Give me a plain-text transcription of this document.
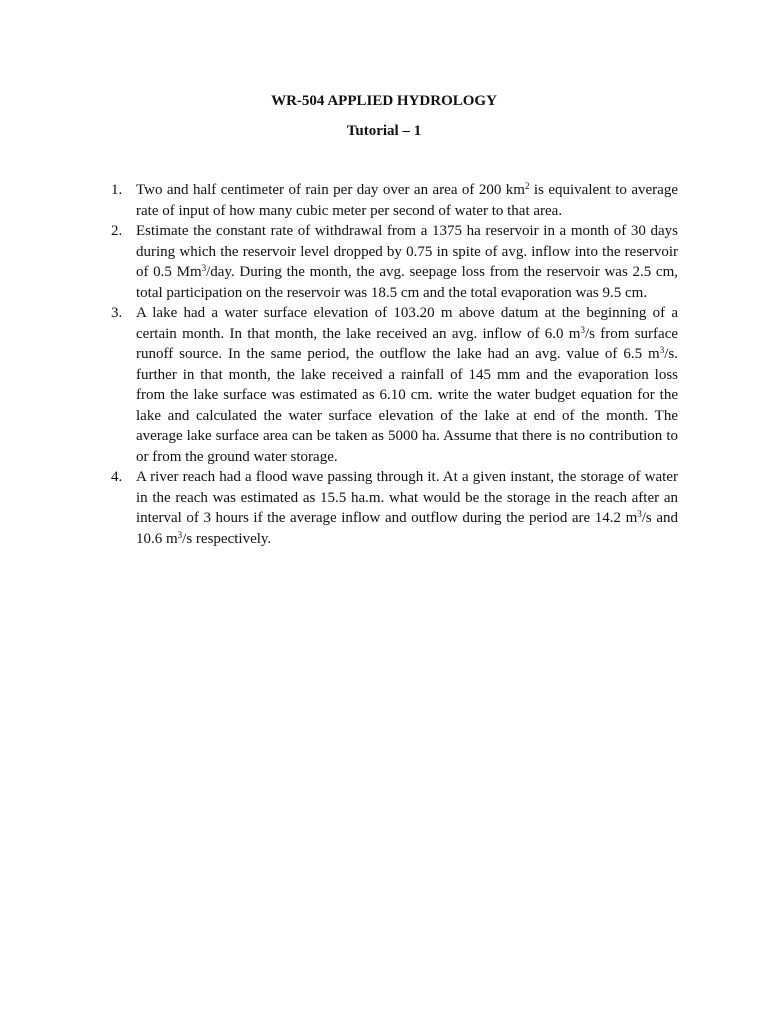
WR-504 APPLIED HYDROLOGY
Tutorial – 1
1. Two and half centimeter of rain per day over an area of 200 $km^2$ is equivalent to average rate of input of how many cubic meter per second of water to that area.
2. Estimate the constant rate of withdrawal from a 1375 ha reservoir in a month of 30 days during which the reservoir level dropped by 0.75 in spite of avg. inflow into the reservoir of 0.5 Mm$^3$/day. During the month, the avg. seepage loss from the reservoir was 2.5 cm, total participation on the reservoir was 18.5 cm and the total evaporation was 9.5 cm.
3. A lake had a water surface elevation of 103.20 m above datum at the beginning of a certain month. In that month, the lake received an avg. inflow of 6.0 $m^3/s$ from surface runoff source. In the same period, the outflow the lake had an avg. value of 6.5 $m^3/s$. further in that month, the lake received a rainfall of 145 mm and the evaporation loss from the lake surface was estimated as 6.10 cm. write the water budget equation for the lake and calculated the water surface elevation of the lake at end of the month. The average lake surface area can be taken as 5000 ha. Assume that there is no contribution to or from the ground water storage.
4. A river reach had a flood wave passing through it. At a given instant, the storage of water in the reach was estimated as 15.5 ha.m. what would be the storage in the reach after an interval of 3 hours if the average inflow and outflow during the period are 14.2 $m^3/s$ and 10.6 $m^3/s$ respectively.
